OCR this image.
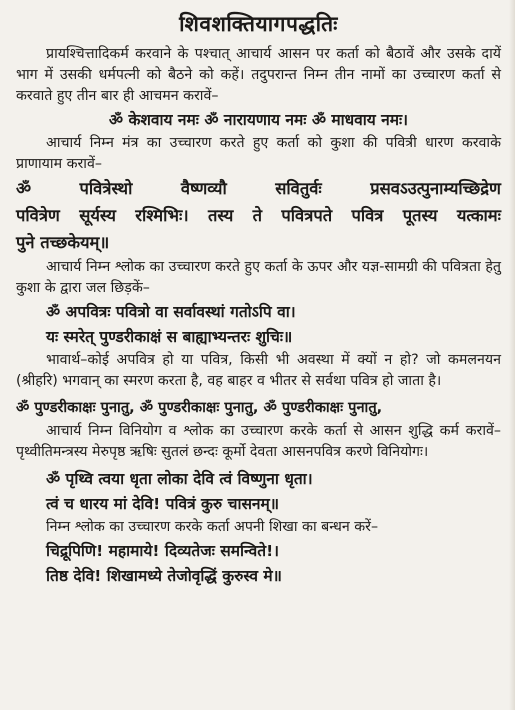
शिवशक्तियागपद्धतिः

प्रायश्चित्तादिकर्म करवाने के पश्चात् आचार्य आसन पर कर्ता को बैठावें और उसके दायें भाग में उसकी धर्मपत्नी को बैठने को कहें। तदुपरान्त निम्न तीन नामों का उच्चारण कर्ता से करवाते हुए तीन बार ही आचमन करावें–

ॐ केशवाय नमः ॐ नारायणाय नमः ॐ माधवाय नमः।

आचार्य निम्न मंत्र का उच्चारण करते हुए कर्ता को कुशा की पवित्री धारण करवाके प्राणायाम करावें–

ॐ पवित्रेस्थो वैष्णव्यौ सवितुर्वः प्रसवऽउत्पुनाम्यच्छिद्रेण
पवित्रेण सूर्यस्य रश्मिभिः। तस्य ते पवित्रपते पवित्र पूतस्य यत्कामः
पुने तच्छकेयम्॥

आचार्य निम्न श्लोक का उच्चारण करते हुए कर्ता के ऊपर और यज्ञ-सामग्री की पवित्रता हेतु कुशा के द्वारा जल छिड़कें–

ॐ अपवित्रः पवित्रो वा सर्वावस्थां गतोऽपि वा।
यः स्मरेत् पुण्डरीकाक्षं स बाह्याभ्यन्तरः शुचिः॥

भावार्थ–कोई अपवित्र हो या पवित्र, किसी भी अवस्था में क्यों न हो? जो कमलनयन (श्रीहरि) भगवान् का स्मरण करता है, वह बाहर व भीतर से सर्वथा पवित्र हो जाता है।

ॐ पुण्डरीकाक्षः पुनातु, ॐ पुण्डरीकाक्षः पुनातु, ॐ पुण्डरीकाक्षः पुनातु,

आचार्य निम्न विनियोग व श्लोक का उच्चारण करके कर्ता से आसन शुद्धि कर्म करावें–पृथ्वीतिमन्त्रस्य मेरुपृष्ठ ऋषिः सुतलं छन्दः कूर्मो देवता आसनपवित्र करणे विनियोगः।

ॐ पृथ्वि त्वया धृता लोका देवि त्वं विष्णुना धृता।
त्वं च धारय मां देवि! पवित्रं कुरु चासनम्॥

निम्न श्लोक का उच्चारण करके कर्ता अपनी शिखा का बन्धन करें–

चिद्रूपिणि! महामाये! दिव्यतेजः समन्विते!।
तिष्ठ देवि! शिखामध्ये तेजोवृद्धिं कुरुस्व मे॥
